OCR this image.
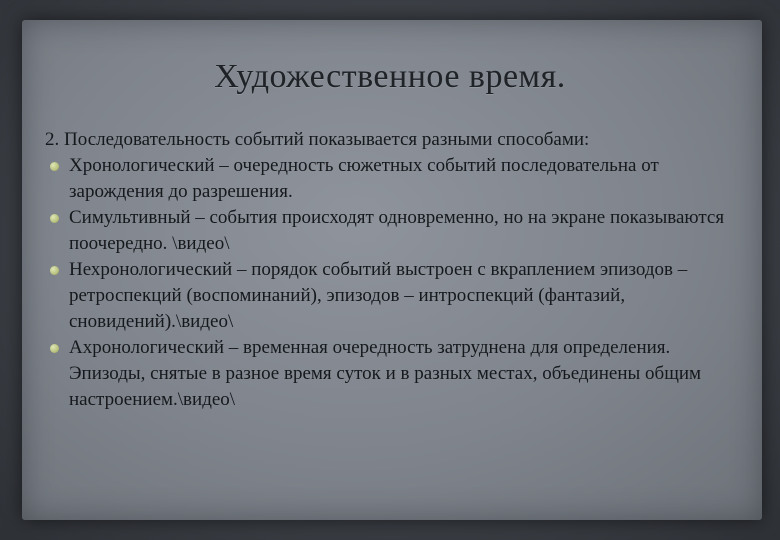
Художественное время.

2. Последовательность событий показывается разными способами:

Хронологический – очередность сюжетных событий последовательна от зарождения до разрешения.
Симультивный – события происходят одновременно, но на экране показываются поочередно. \видео\
Нехронологический – порядок событий выстроен с вкраплением эпизодов – ретроспекций (воспоминаний), эпизодов – интроспекций (фантазий, сновидений).\видео\
Ахронологический – временная очередность затруднена для определения. Эпизоды, снятые в разное время суток и в разных местах, объединены общим настроением.\видео\
